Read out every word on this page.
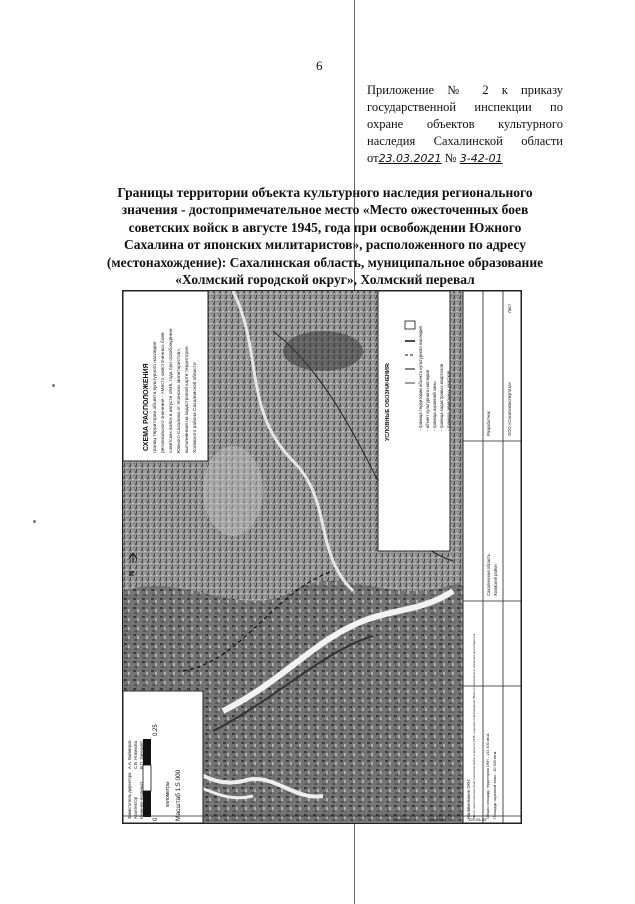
6
Приложение № 2 к приказу
государственной инспекции по
охране объектов культурного
наследия Сахалинской области
от23.03.2021 № 3-42-01
Границы территории объекта культурного наследия регионального
значения - достопримечательное место «Место ожесточенных боев
советских войск в августе 1945, года при освобождении Южного
Сахалина от японских милитаристов», расположенного по адресу
(местонахождение): Сахалинская область, муниципальное образование
«Холмский городской округ», Холмский перевал
СХЕМА РАСПОЛОЖЕНИЯ границ территории объекта культурного наследия регионального значения - «Место ожесточенных боев советских войск в августе 1945, года при освобождении Южного Сахалина от японских милитаристов», выполненная на кадастровой карте территории Холмского района Сахалинской области
N
УСЛОВНЫЕ ОБОЗНАЧЕНИЯ:	- граница территории объекта культурного наследия - объект культурного наследия - граница охранной зоны - граница кадастровых кварталов - граница земельных участков
Масштаб 1:5 000
километры
0
0.25
Наименование ОКН: Место ожесточенных боев советских войск в августе 1945, года при освобождении Южного Сахалина от японских милитаристов	Общая площадь территории ОКН - 144 400 кв.м. Площадь охранной зоны - 30 300 кв.м.
Сахалинская область Холмский район
Разработчик:	ООО «Сахалинэкспертиза»
Лист
Заместитель директора
А.А. Ваймеров
Архитектор
С.В. Новикова
Инженер-геодезист
В.П. Зарецкий
05-145-02	125-03-03	120-05-03
